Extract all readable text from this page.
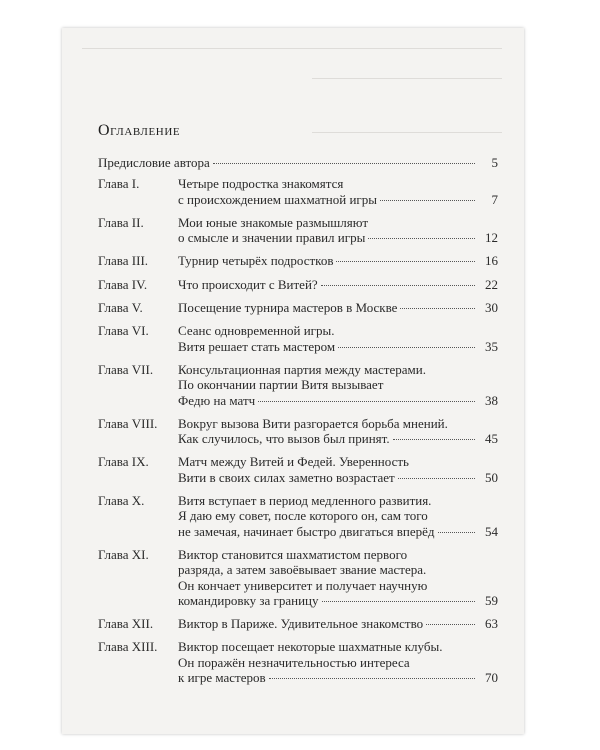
Оглавление
Предисловие автора	5
Глава I.	Четыре подростка знакомятся
с происхождением шахматной игры	7
Глава II.	Мои юные знакомые размышляют
о смысле и значении правил игры	12
Глава III.	Турнир четырёх подростков	16
Глава IV.	Что происходит с Витей?	22
Глава V.	Посещение турнира мастеров в Москве	30
Глава VI.	Сеанс одновременной игры.
Витя решает стать мастером	35
Глава VII.	Консультационная партия между мастерами.
По окончании партии Витя вызывает
Федю на матч	38
Глава VIII.	Вокруг вызова Вити разгорается борьба мнений.
Как случилось, что вызов был принят.	45
Глава IX.	Матч между Витей и Федей. Уверенность
Вити в своих силах заметно возрастает	50
Глава X.	Витя вступает в период медленного развития.
Я даю ему совет, после которого он, сам того
не замечая, начинает быстро двигаться вперёд	54
Глава XI.	Виктор становится шахматистом первого
разряда, а затем завоёвывает звание мастера.
Он кончает университет и получает научную
командировку за границу	59
Глава XII.	Виктор в Париже. Удивительное знакомство	63
Глава XIII.	Виктор посещает некоторые шахматные клубы.
Он поражён незначительностью интереса
к игре мастеров	70
